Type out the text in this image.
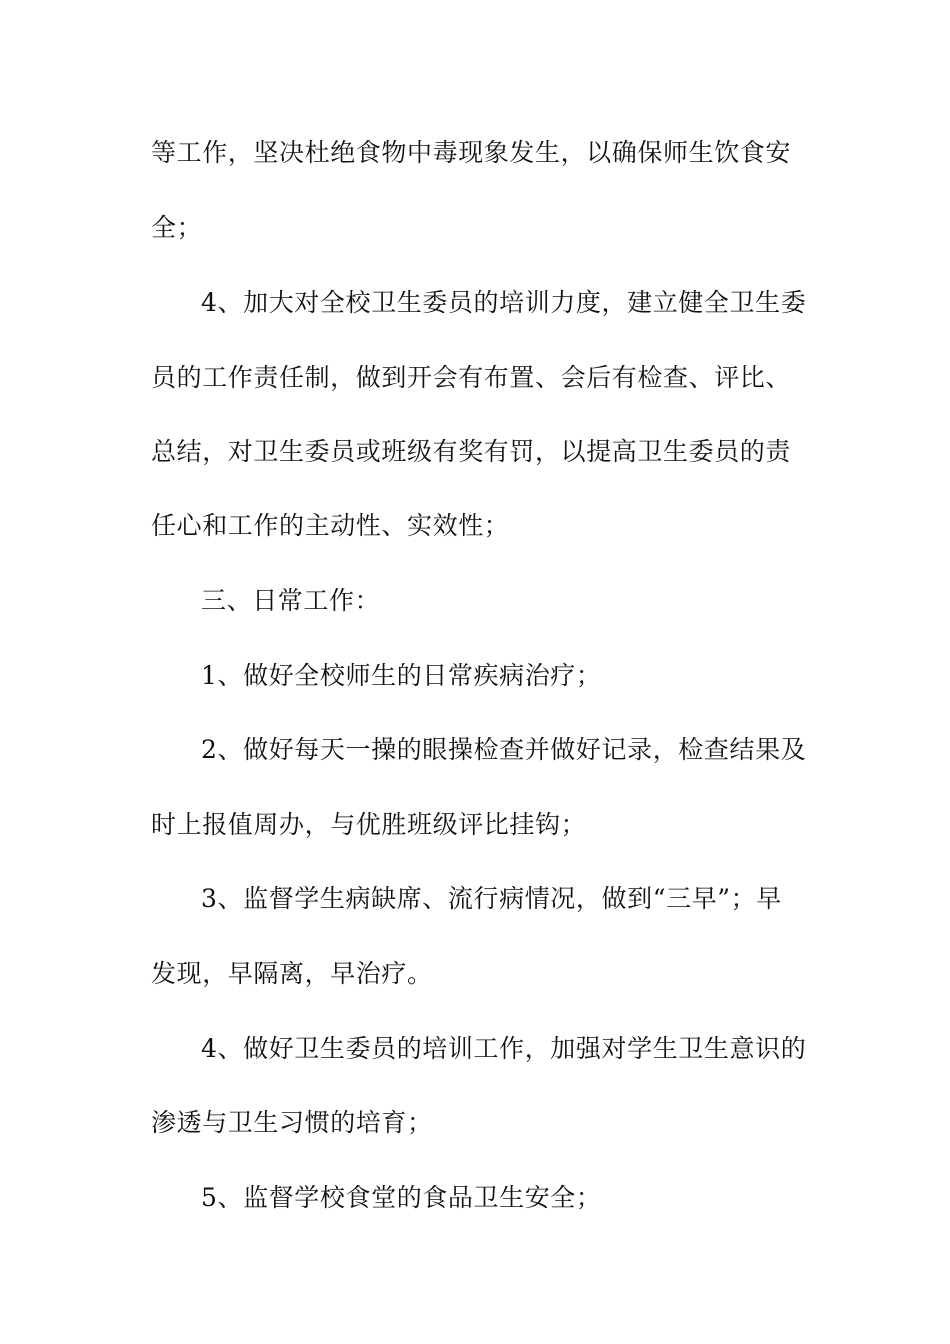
等工作，坚决杜绝食物中毒现象发生，以确保师生饮食安
全；
4、加大对全校卫生委员的培训力度，建立健全卫生委
员的工作责任制，做到开会有布置、会后有检查、评比、
总结，对卫生委员或班级有奖有罚，以提高卫生委员的责
任心和工作的主动性、实效性；
三、日常工作：
1、做好全校师生的日常疾病治疗；
2、做好每天一操的眼操检查并做好记录，检查结果及
时上报值周办，与优胜班级评比挂钩；
3、监督学生病缺席、流行病情况，做到“三早”；早
发现，早隔离，早治疗。
4、做好卫生委员的培训工作，加强对学生卫生意识的
渗透与卫生习惯的培育；
5、监督学校食堂的食品卫生安全；
